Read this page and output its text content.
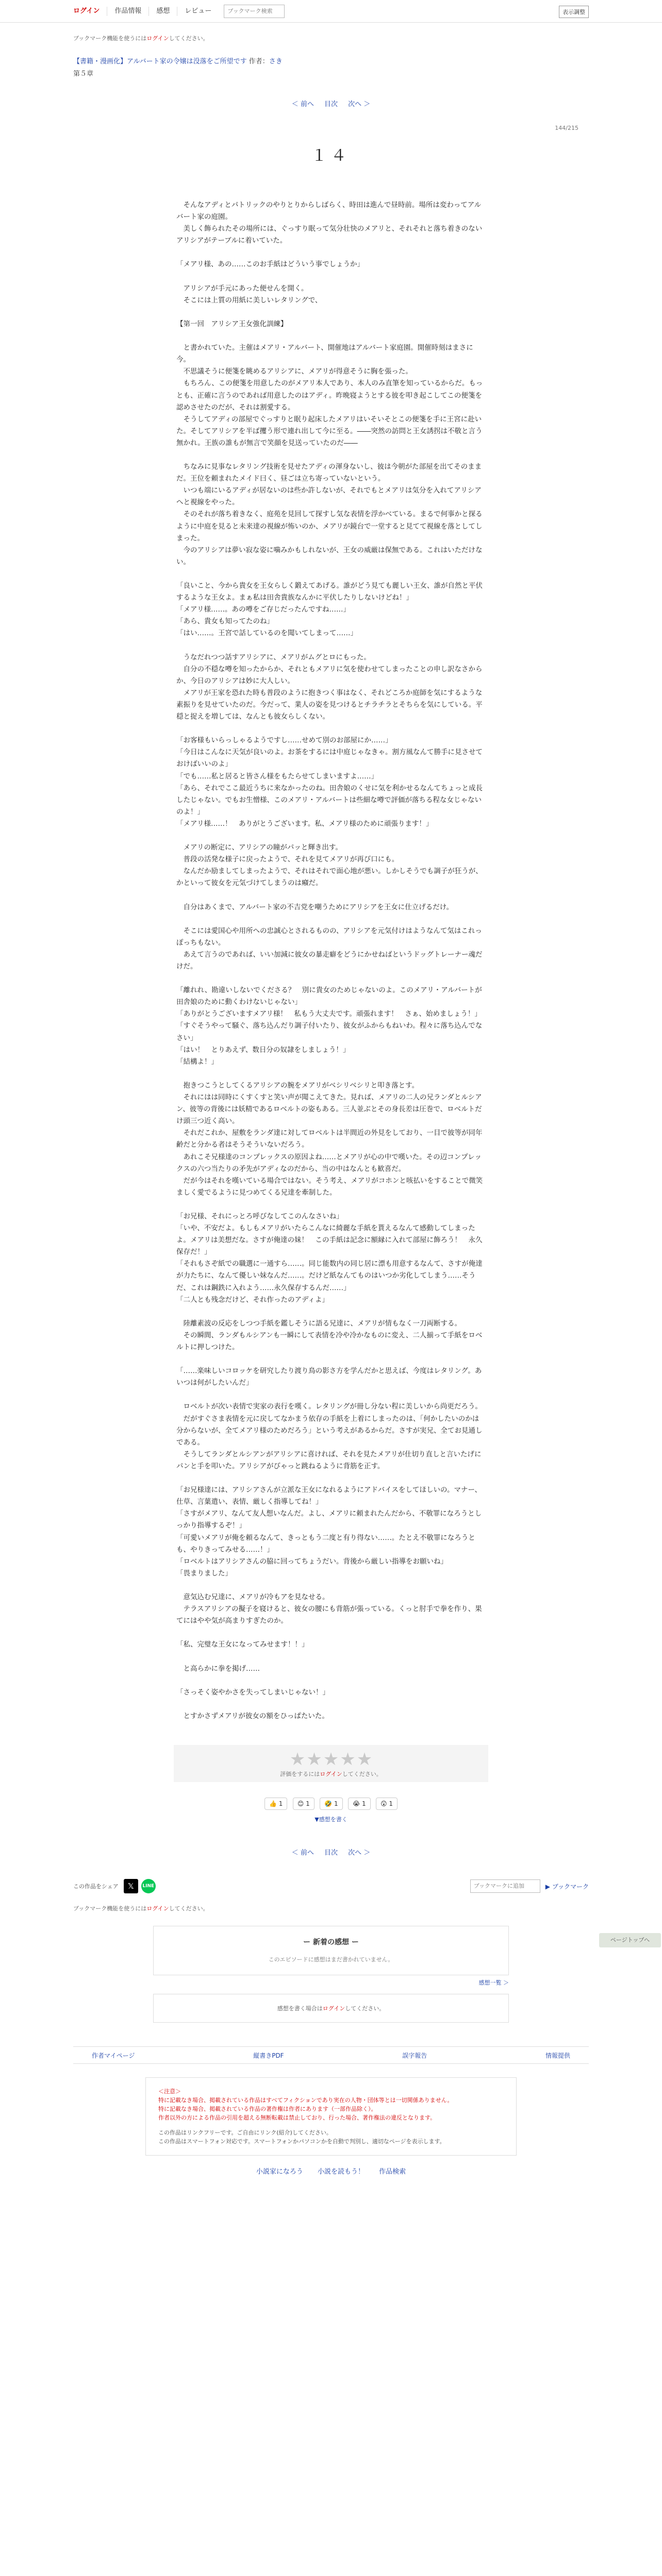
ログイン 作品情報 感想 レビュー
ブックマーク検索	表示調整
ブックマーク機能を使うにはログインしてください。
【書籍・漫画化】アルバート家の令嬢は没落をご所望です 作者：さき
第５章
＜ 前へ 目次 次へ ＞
144/215
１４

　そんなアディとパトリックのやりとりからしばらく、時田は進んで昼時前。場所は変わってアルバート家の庭園。

　美しく飾られたその場所には、ぐっすり眠って気分壮快のメアリと、それそれと落ち着きのないアリシアがテーブルに着いていた。

「メアリ様、あの……このお手紙はどういう事でしょうか」

　アリシアが手元にあった便せんを開く。

　そこには上質の用紙に美しいレタリングで、

【第一回　アリシア王女強化訓練】

　と書かれていた。主催はメアリ・アルバート、開催地はアルバート家庭園。開催時刻はまさに今。

　不思議そうに便箋を眺めるアリシアに、メアリが得意そうに胸を張った。

　もちろん、この便箋を用意したのがメアリ本人であり、本人のみ直筆を知っているからだ。もっとも、正確に言うのであれば用意したのはアディ。昨晩寝ようとする彼を叩き起こしてこの便箋を認めさせたのだが、それは割愛する。

　そうしてアディの部屋でぐっすりと眠り起床したメアリはいそいそとこの便箋を手に王宮に赴いた。そしてアリシアを半ば攫う形で連れ出して今に至る。――突然の訪問と王女誘拐は不敬と言う無かれ。王族の誰もが無言で笑顔を見送っていたのだ――

　ちなみに見事なレタリング技術を見せたアディの渾身ないし、彼は今朝がた部屋を出てそのままだ。王位を頼まれたメイド曰く、昼ごは立ち寄っていないという。

　いつも端にいるアディが居ないのは些か許しないが、それでもとメアリは気分を入れてアリシアへと視線をやった。

　そのそれが落ち着きなく、庭苑を見回して探すし気な表情を浮かべている。まるで何事かと探るように中庭を見ると未来達の視線が怖いのか、メアリが鏡台で一堂すると見てて視線を落としてしまった。

　今のアリシアは夢い寂な姿に噛みかもしれないが、王女の威厳は保無である。これはいただけない。

「良いこと、今から貴女を王女らしく鍛えてあげる。誰がどう見ても麗しい王女、誰が自然と平伏するような王女よ。まぁ私は田舎貴族なんかに平伏したりしないけどね！」

「メアリ様……。あの噂をご存じだったんですね……」

「あら、貴女も知ってたのね」

「はい……。王宮で話しているのを聞いてしまって……」

　うなだれつつ話すアリシアに、メアリがムグとロにもった。

　自分の不穏な噂を知ったからか、それともメアリに気を使わせてしまったことの申し訳なさからか、今日のアリシアは妙に大人しい。

　メアリが王家を恐れた時も普段のように抱きつく事はなく、それどころか庭師を気にするような素振りを見せていたのだ。今だって、業人の姿を見つけるとチラチラとそちらを気にしている。平穏と捉えを増しては、なんとも彼女らしくない。

「お客様もいらっしゃるようですし……せめて別のお部屋にか……」

「今日はこんなに天気が良いのよ。お茶をするには中庭じゃなきゃ。割方風なんて勝手に見させておけばいいのよ」

「でも……私と居ると皆さん様をもたらせてしまいますよ……」

「あら、それでここ最近うちに来なかったのね。田舎娘のくせに気を利かせるなんてちょっと成長したじゃない。でもお生憎様、このメアリ・アルバートは些細な噂で評価が落ちる程な女じゃないのよ！」

「メアリ様……！　ありがとうございます。私、メアリ様のために頑張ります！」

　メアリの断定に、アリシアの瞳がパッと輝き出す。

　普段の活発な様子に戻ったようで、それを見てメアリが再び口にも。

　なんだか励ましてしまったようで、それはそれで面心地が悪い。しかしそうでも調子が狂うが、かといって彼女を元気づけてしまうのは癪だ。

　自分はあくまで、アルバート家の不吉党を嘲うためにアリシアを王女に仕立げるだけ。

　そこには愛国心や用所への忠誠心とされるものの、アリシアを元気付けはようなんて気はこれっぽっちもない。

　あえて言うのであれば、いい加減に彼女の暴走癖をどうにかせねばというドッグトレーナー魂だけだ。

「離れれ、勘違いしないでくださる？　別に貴女のためじゃないのよ。このメアリ・アルバートが田舎娘のために動くわけないじゃない」

「ありがとうございますメアリ様！　私もう大丈夫です。頑張れます！　さぁ、始めましょう！」

「すぐそうやって騒ぐ、落ち込んだり調子付いたり、彼女がふからもねいわ。程々に落ち込んでなさい」

「はい！　とりあえず、数日分の奴隷をしましょう！」

「結構よ！」

　抱きつこうとしてくるアリシアの腕をメアリがベシリベシリと叩き落とす。

　それにはは同時にくすくすと笑い声が聞こえてきた。見れば、メアリの二人の兄ランダとルシアン、彼等の背後には妖精であるロベルトの姿もある。三人並ぶとその身長差は圧巻で、ロベルトだけ頭三つ近く高い。

　それだこれか、屋敷をランダ達に対してロベルトは半間近の外見をしており、一目で彼等が同年齢だと分かる者はそうそういないだろう。

　あれこそ兄様達のコンプレックスの原因よね……とメアリが心の中で嘆いた。その辺コンプレックスの六つ当たりの矛先がアディなのだから、当の中はなんとも歓喜だ。

　だが今はそれを嘆いている場合ではない。そう考え、メアリがコホンと咳払いをすることで微笑ましく愛でるように見つめてくる兄達を牽制した。

「お兄様、それにっとろ呼びなしてこのんなさいね」

「いや、不安だよ。もしもメアリがいたらこんなに綺麗な手紙を貰えるなんて感動してしまったよ。メアリは美想だな。さすが俺達の妹！　この手紙は記念に額縁に入れて部屋に飾ろう！　永久保存だ！」

「それもさぞ紙での職選に一通すら……。同じ能数内の同じ居に漂も用意するなんて、さすが俺達が力たちに、なんて優しい妹なんだ……。だけど紙なんてものはいつか劣化してしまう……そうだ、これは鋼鉄に入れよう……永久保存するんだ……」

「二人とも残念だけど、それ作ったのアディよ」

　陸離素波の反応をしつつ手紙を鑑しそうに語る兄達に、メアリが情もなく一刀両断する。

　その瞬間、ランダもルシアンも一瞬にして表情を冷や冷かなものに変え、二人揃って手紙をロベルトに押しつけた。

「……楽味しいコロッケを研究したり渡り鳥の影さ方を学んだかと思えば、今度はレタリング。あいつは何がしたいんだ」

　ロベルトが次い表情で実家の表行を嘆く。レタリングが冊し分ない程に美しいから尚更だろう。

　だがすぐさま表情を元に戻してなかまう依存の手紙を上着にしまったのは、「何かしたいのかは分からないが、全てメアリ様のためだろう」という考えがあるからだ。さすが実兄、全てお見通しである。

　そうしてランダとルシアンがアリシアに喜ければ、それを見たメアリが仕切り直しと言いたげにパンと手を叩いた。アリシアがびゃっと跳ねるように背筋を正す。

「お兄様達には、アリシアさんが立派な王女になれるようにアドバイスをしてほしいの。マナー、仕草、言葉遣い、表情、厳しく指導してね！」

「さすがメアリ、なんて友人想いなんだ。よし、メアリに頼まれたんだから、不敬罪になろうとしっかり指導するぞ！」

「可愛いメアリが俺を頼るなんて、きっともう二度と有り得ない……。たとえ不敬罪になろうとも、やりきってみせる……！」

「ロベルトはアリシアさんの脇に回ってちょうだい。背後から厳しい指導をお願いね」

「畏まりました」

　意気込む兄達に、メアリが冷もアを見なせる。

　テラスアリシアの擬子を寝けると、彼女の腰にも背筋が張っている。くっと肘手で拳を作り、果てにはやや気が高まりすぎたのか。

「私、完璧な王女になってみせます！！」

　と高らかに拳を掲げ……

「さっそく姿やかさを失ってしまいじゃない！」

　とすかさずメアリが彼女の額をひっぱたいた。

★★★★★
評価をするにはログインしてください。
👍 1 😊 1 🤣 1 😭 1 😲 1
▼感想を書く
＜ 前へ 目次 次へ ＞
この作品をシェア	𝕏	LINE
ブックマークに追加	▶ ブックマーク
ブックマーク機能を使うにはログインしてください。
ー 新着の感想 ー
このエピソードに感想はまだ書かれていません。
感想一覧 ＞
感想を書く場合はログインしてください。
作者マイページ	縦書きPDF	誤字報告	情報提供
＜注意＞
特に記載なき場合、掲載されている作品はすべてフィクションであり実在の人物・団体等とは一切関係ありません。
特に記載なき場合、掲載されている作品の著作権は作者にあります（一部作品除く）。
作者以外の方による作品の引用を超える無断転載は禁止しており、行った場合、著作権法の違反となります。
この作品はリンクフリーです。ご自由にリンク(紹介)してください。
この作品はスマートフォン対応です。スマートフォンかパソコンかを自動で判別し、適切なページを表示します。
小説家になろう 小説を読もう！ 作品検索
ページトップへ
